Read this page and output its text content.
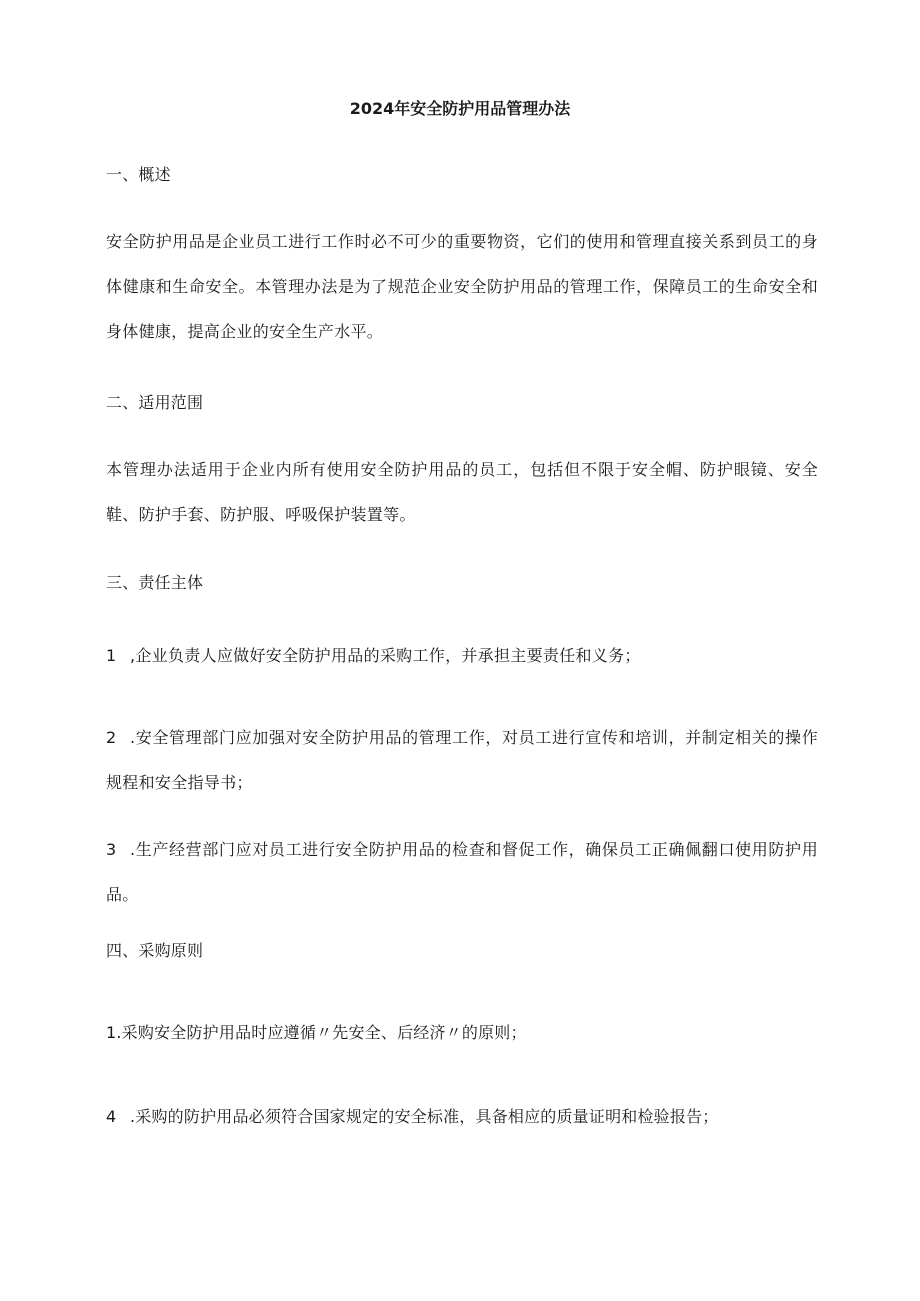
2024年安全防护用品管理办法

一、概述

安全防护用品是企业员工进行工作时必不可少的重要物资，它们的使用和管理直接关系到员工的身体健康和生命安全。本管理办法是为了规范企业安全防护用品的管理工作，保障员工的生命安全和身体健康，提高企业的安全生产水平。

二、适用范围

本管理办法适用于企业内所有使用安全防护用品的员工，包括但不限于安全帽、防护眼镜、安全鞋、防护手套、防护服、呼吸保护装置等。

三、责任主体

1 ,企业负责人应做好安全防护用品的采购工作，并承担主要责任和义务；

2 .安全管理部门应加强对安全防护用品的管理工作，对员工进行宣传和培训，并制定相关的操作规程和安全指导书；

3 .生产经营部门应对员工进行安全防护用品的检查和督促工作，确保员工正确佩翻口使用防护用品。

四、采购原则

1.采购安全防护用品时应遵循〃先安全、后经济〃的原则；

4 .采购的防护用品必须符合国家规定的安全标准，具备相应的质量证明和检验报告；
